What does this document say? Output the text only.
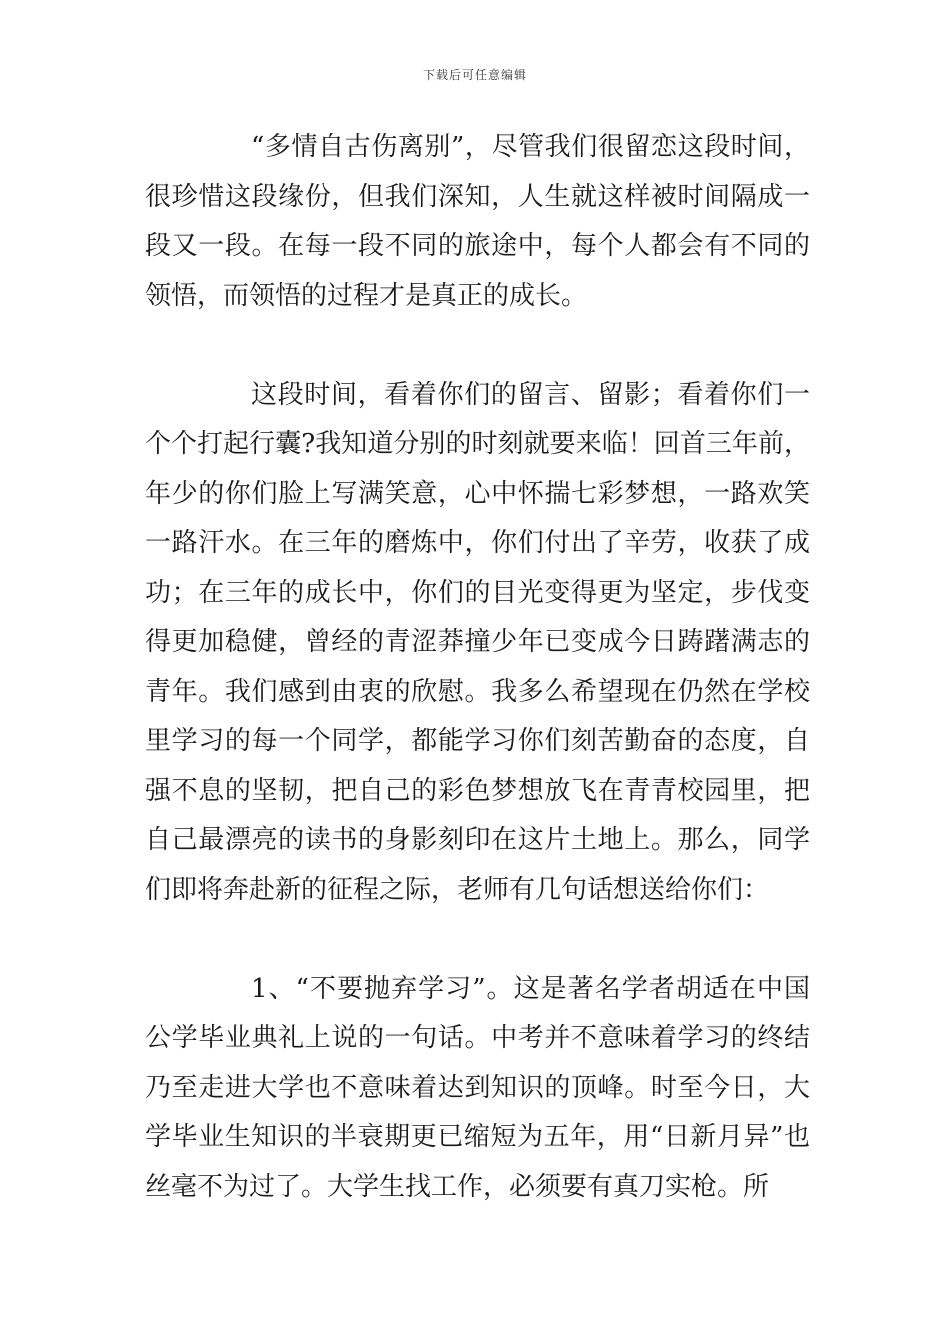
下载后可任意编辑

“多情自古伤离别”，尽管我们很留恋这段时间，很珍惜这段缘份，但我们深知，人生就这样被时间隔成一段又一段。在每一段不同的旅途中，每个人都会有不同的领悟，而领悟的过程才是真正的成长。

这段时间，看着你们的留言、留影；看着你们一个个打起行囊?我知道分别的时刻就要来临！回首三年前，年少的你们脸上写满笑意，心中怀揣七彩梦想，一路欢笑一路汗水。在三年的磨炼中，你们付出了辛劳，收获了成功；在三年的成长中，你们的目光变得更为坚定，步伐变得更加稳健，曾经的青涩莽撞少年已变成今日踌躇满志的青年。我们感到由衷的欣慰。我多么希望现在仍然在学校里学习的每一个同学，都能学习你们刻苦勤奋的态度，自强不息的坚韧，把自己的彩色梦想放飞在青青校园里，把自己最漂亮的读书的身影刻印在这片土地上。那么，同学们即将奔赴新的征程之际，老师有几句话想送给你们：

1、“不要抛弃学习”。这是著名学者胡适在中国公学毕业典礼上说的一句话。中考并不意味着学习的终结乃至走进大学也不意味着达到知识的顶峰。时至今日，大学毕业生知识的半衰期更已缩短为五年，用“日新月异”也丝毫不为过了。大学生找工作，必须要有真刀实枪。所
